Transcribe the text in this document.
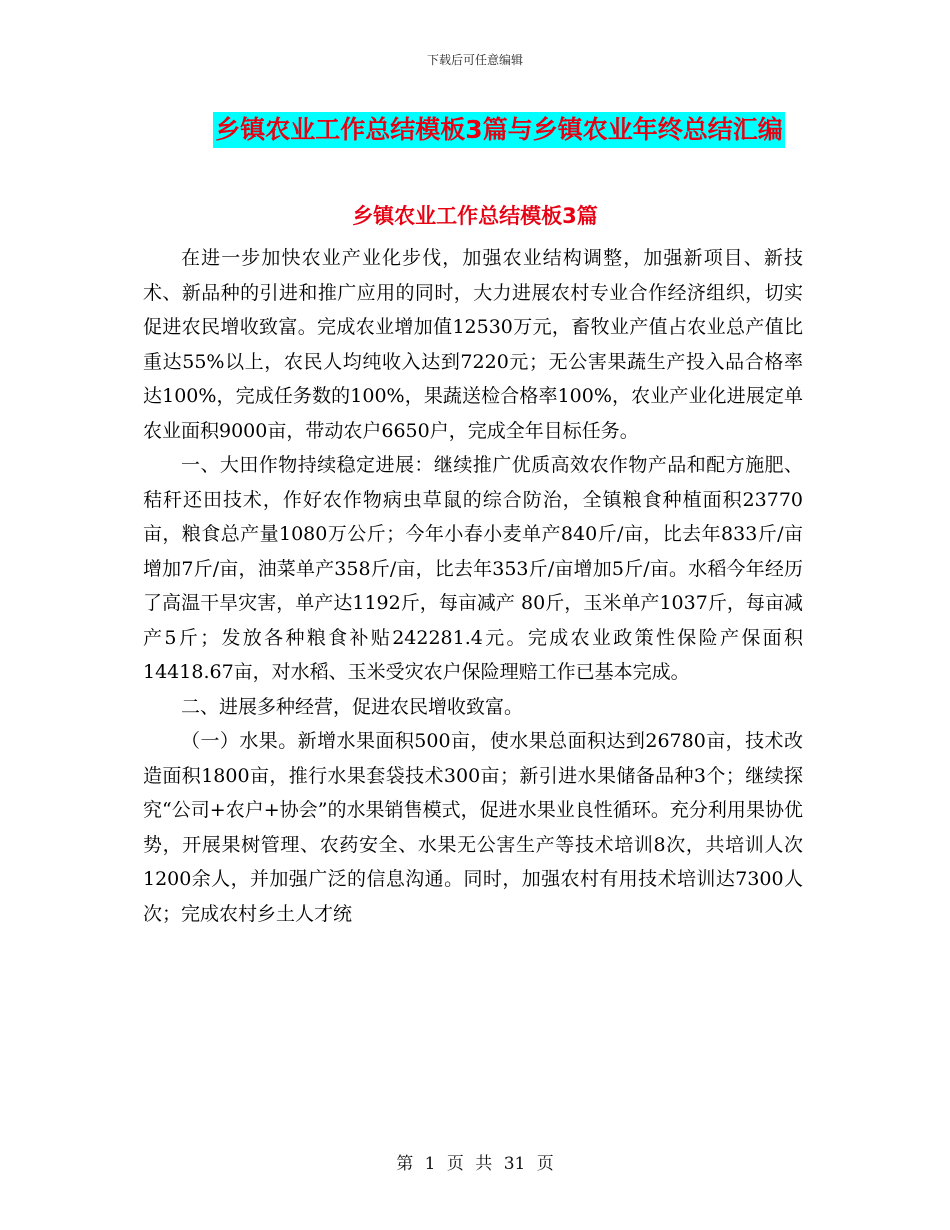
下载后可任意编辑
乡镇农业工作总结模板3篇与乡镇农业年终总结汇编
乡镇农业工作总结模板3篇

在进一步加快农业产业化步伐，加强农业结构调整，加强新项目、新技术、新品种的引进和推广应用的同时，大力进展农村专业合作经济组织，切实促进农民增收致富。完成农业增加值12530万元，畜牧业产值占农业总产值比重达55%以上，农民人均纯收入达到7220元；无公害果蔬生产投入品合格率达100%，完成任务数的100%，果蔬送检合格率100%，农业产业化进展定单农业面积9000亩，带动农户6650户，完成全年目标任务。

一、大田作物持续稳定进展：继续推广优质高效农作物产品和配方施肥、秸秆还田技术，作好农作物病虫草鼠的综合防治，全镇粮食种植面积23770亩，粮食总产量1080万公斤；今年小春小麦单产840斤/亩，比去年833斤/亩增加7斤/亩，油菜单产358斤/亩，比去年353斤/亩增加5斤/亩。水稻今年经历了高温干旱灾害，单产达1192斤，每亩减产 80斤，玉米单产1037斤，每亩减产5斤；发放各种粮食补贴242281.4元。完成农业政策性保险产保面积14418.67亩，对水稻、玉米受灾农户保险理赔工作已基本完成。

二、进展多种经营，促进农民增收致富。

（一）水果。新增水果面积500亩，使水果总面积达到26780亩，技术改造面积1800亩，推行水果套袋技术300亩；新引进水果储备品种3个；继续探究“公司+农户+协会”的水果销售模式，促进水果业良性循环。充分利用果协优势，开展果树管理、农药安全、水果无公害生产等技术培训8次，共培训人次1200余人，并加强广泛的信息沟通。同时，加强农村有用技术培训达7300人次；完成农村乡土人才统

第 1 页 共 31 页
